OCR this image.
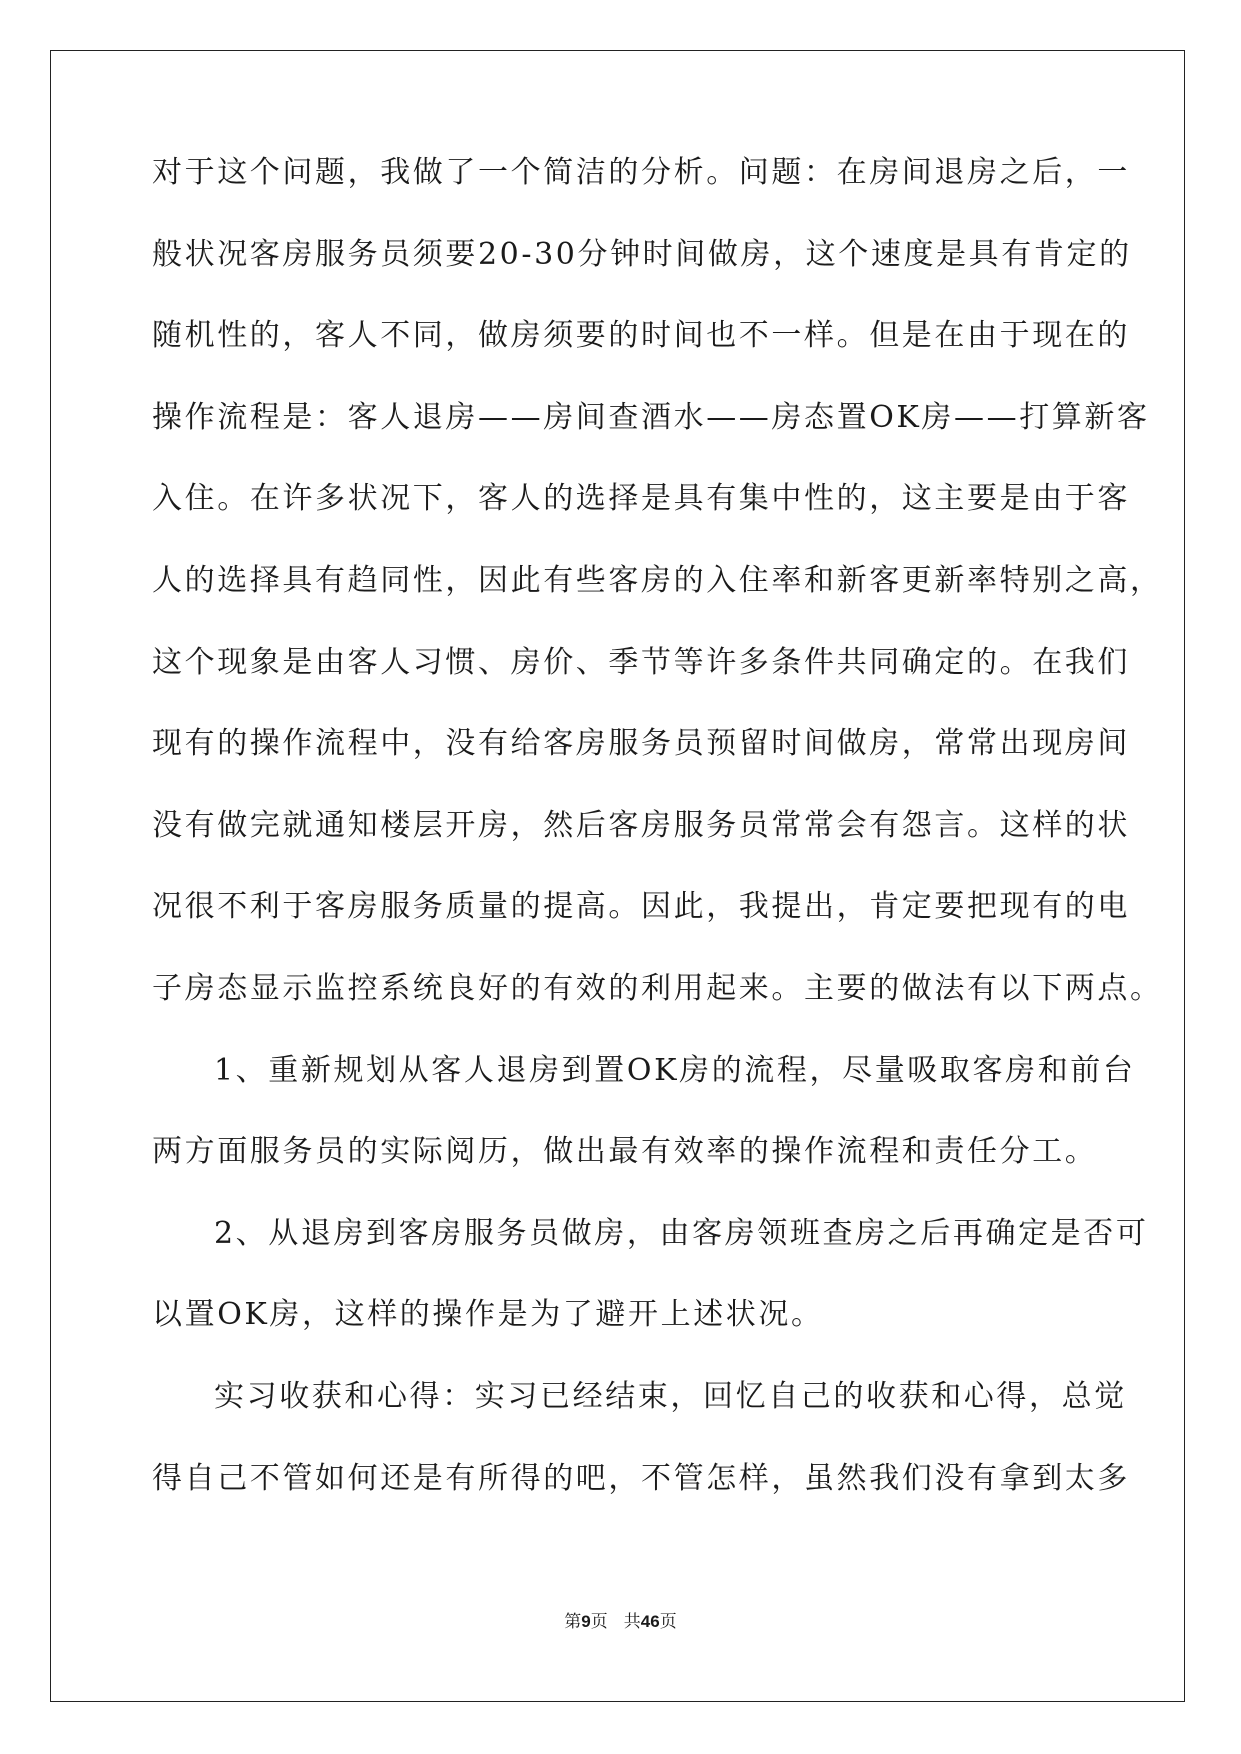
对于这个问题，我做了一个简洁的分析。问题：在房间退房之后，一
般状况客房服务员须要20-30分钟时间做房，这个速度是具有肯定的
随机性的，客人不同，做房须要的时间也不一样。但是在由于现在的
操作流程是：客人退房——房间查酒水——房态置OK房——打算新客
入住。在许多状况下，客人的选择是具有集中性的，这主要是由于客
人的选择具有趋同性，因此有些客房的入住率和新客更新率特别之高，
这个现象是由客人习惯、房价、季节等许多条件共同确定的。在我们
现有的操作流程中，没有给客房服务员预留时间做房，常常出现房间
没有做完就通知楼层开房，然后客房服务员常常会有怨言。这样的状
况很不利于客房服务质量的提高。因此，我提出，肯定要把现有的电
子房态显示监控系统良好的有效的利用起来。主要的做法有以下两点。
1、重新规划从客人退房到置OK房的流程，尽量吸取客房和前台
两方面服务员的实际阅历，做出最有效率的操作流程和责任分工。
2、从退房到客房服务员做房，由客房领班查房之后再确定是否可
以置OK房，这样的操作是为了避开上述状况。
实习收获和心得：实习已经结束，回忆自己的收获和心得，总觉
得自己不管如何还是有所得的吧，不管怎样，虽然我们没有拿到太多
第9页 共46页
